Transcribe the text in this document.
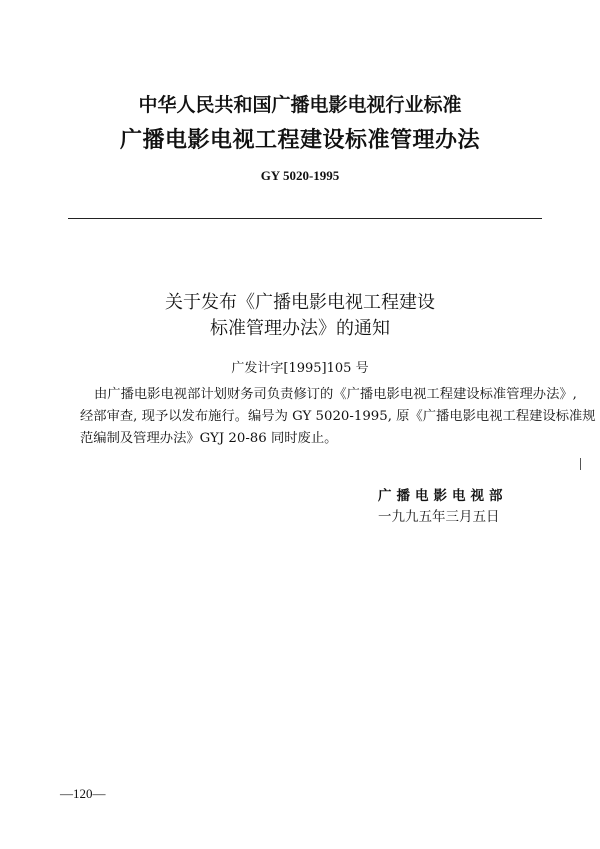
中华人民共和国广播电影电视行业标准
广播电影电视工程建设标准管理办法
GY 5020-1995
关于发布《广播电影电视工程建设
标准管理办法》的通知
广发计字[1995]105 号
由广播电影电视部计划财务司负责修订的《广播电影电视工程建设标准管理办法》,
经部审查, 现予以发布施行。编号为 GY 5020-1995, 原《广播电影电视工程建设标准规
范编制及管理办法》GYJ 20-86 同时废止。
广播电影电视部
一九九五年三月五日
—120—
